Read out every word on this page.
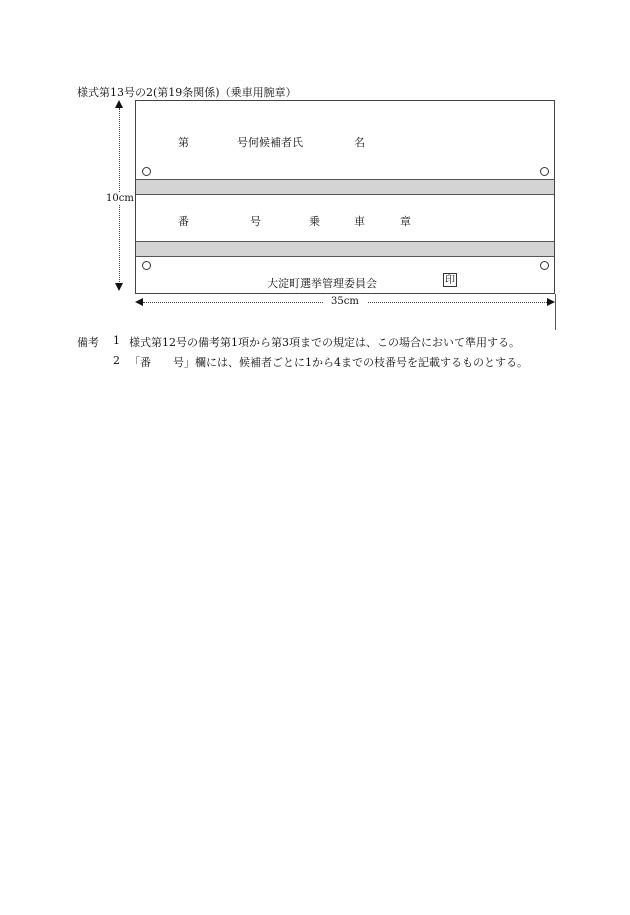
様式第13号の2(第19条関係)（乗車用腕章）
第	号何候補者氏	名
番	号	乗	車	章
大淀町選挙管理委員会	印
10cm
35cm
備考 1 様式第12号の備考第1項から第3項までの規定は、この場合において準用する。
2 「番　　号」欄には、候補者ごとに1から4までの枝番号を記載するものとする。
